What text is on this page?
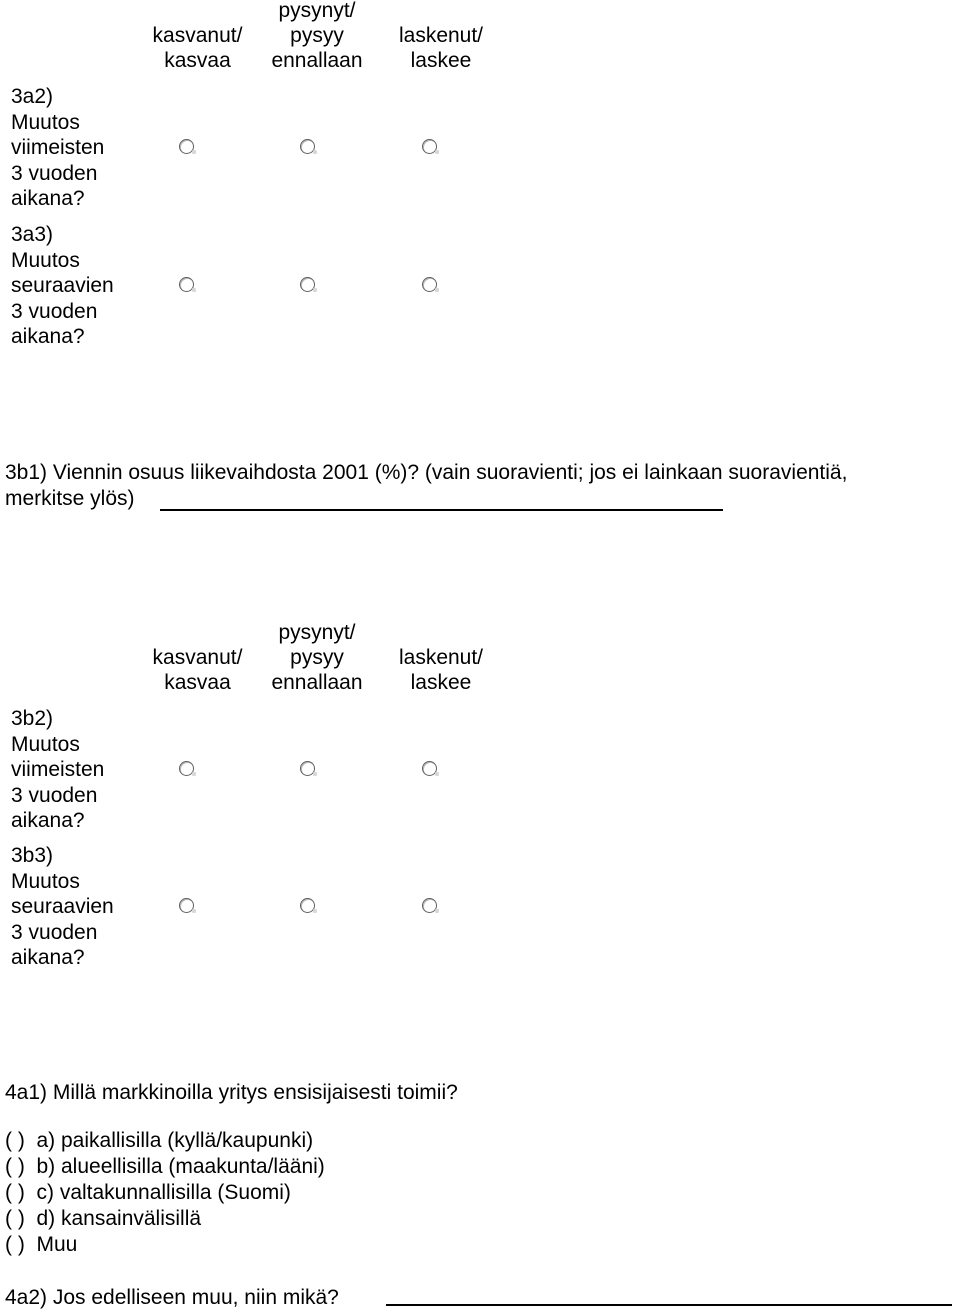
kasvanut/
kasvaa
pysynyt/
pysyy
ennallaan
laskenut/
laskee
3a2)
Muutos
viimeisten
3 vuoden
aikana?
3a3)
Muutos
seuraavien
3 vuoden
aikana?
3b1) Viennin osuus liikevaihdosta 2001 (%)? (vain suoravienti; jos ei lainkaan suoravientiä,
merkitse ylös)
kasvanut/
kasvaa
pysynyt/
pysyy
ennallaan
laskenut/
laskee
3b2)
Muutos
viimeisten
3 vuoden
aikana?
3b3)
Muutos
seuraavien
3 vuoden
aikana?
4a1) Millä markkinoilla yritys ensisijaisesti toimii?
( )  a) paikallisilla (kyllä/kaupunki)
( )  b) alueellisilla (maakunta/lääni)
( )  c) valtakunnallisilla (Suomi)
( )  d) kansainvälisillä
( )  Muu
4a2) Jos edelliseen muu, niin mikä?
